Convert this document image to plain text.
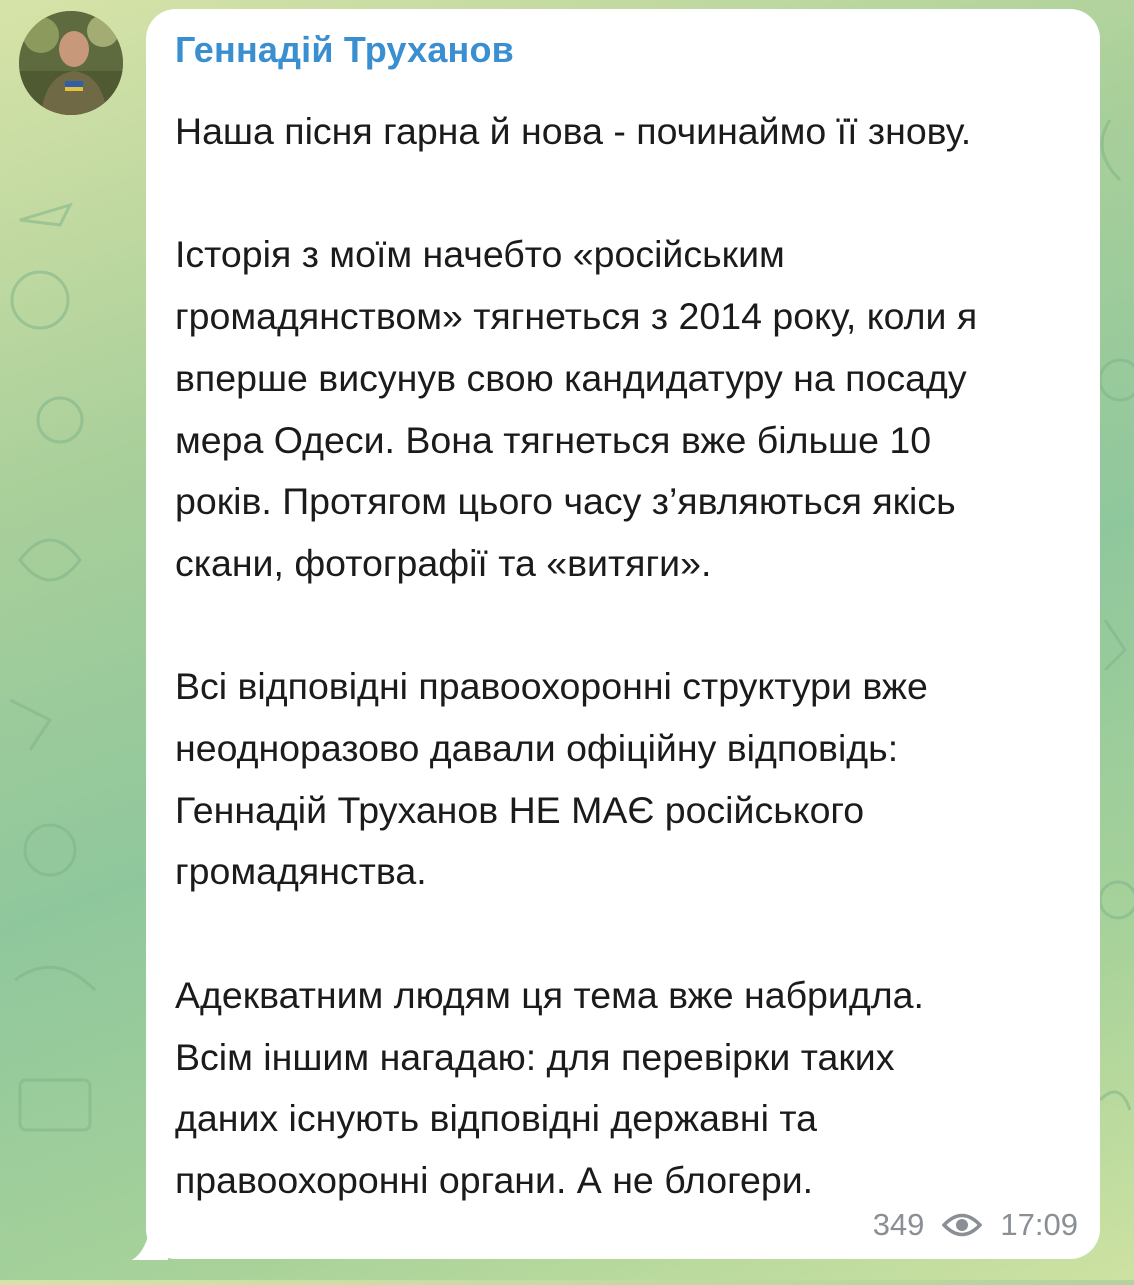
Геннадій Труханов

Наша пісня гарна й нова - починаймо її знову.

Історія з моїм начебто «російським
громадянством» тягнеться з 2014 року, коли я
вперше висунув свою кандидатуру на посаду
мера Одеси. Вона тягнеться вже більше 10
років. Протягом цього часу з’являються якісь
скани, фотографії та «витяги».

Всі відповідні правоохоронні структури вже
неодноразово давали офіційну відповідь:
Геннадій Труханов НЕ МАЄ російського
громадянства.

Адекватним людям ця тема вже набридла.
Всім іншим нагадаю: для перевірки таких
даних існують відповідні державні та
правоохоронні органи. А не блогери.

349 17:09
